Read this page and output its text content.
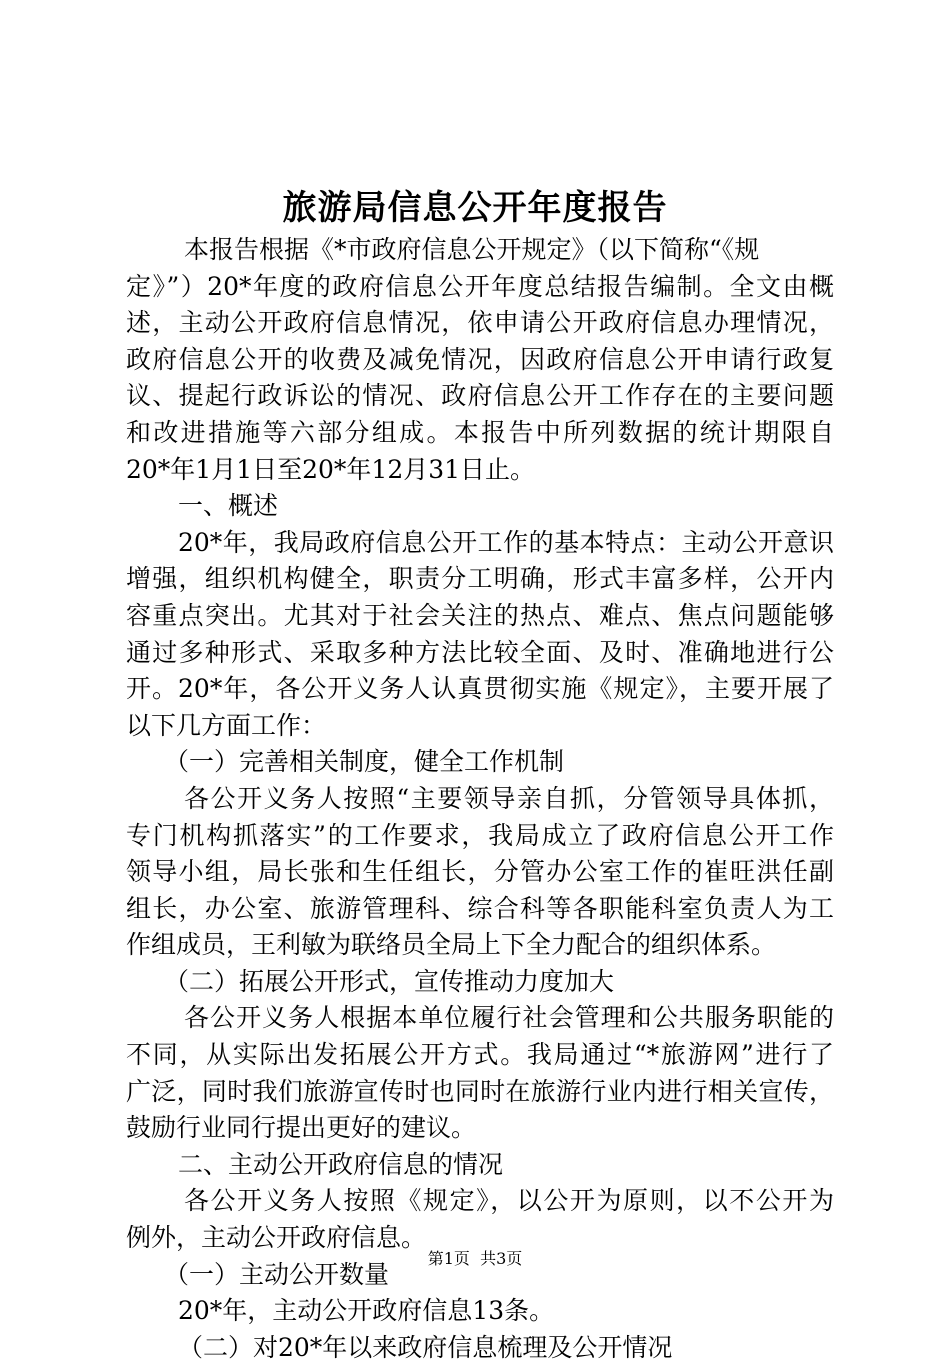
旅游局信息公开年度报告
本报告根据《*市政府信息公开规定》（以下简称“《规
定》”）20*年度的政府信息公开年度总结报告编制。全文由概
述，主动公开政府信息情况，依申请公开政府信息办理情况，
政府信息公开的收费及减免情况，因政府信息公开申请行政复
议、提起行政诉讼的情况、政府信息公开工作存在的主要问题
和改进措施等六部分组成。本报告中所列数据的统计期限自
20*年1月1日至20*年12月31日止。
一、概述
20*年，我局政府信息公开工作的基本特点：主动公开意识
增强，组织机构健全，职责分工明确，形式丰富多样，公开内
容重点突出。尤其对于社会关注的热点、难点、焦点问题能够
通过多种形式、采取多种方法比较全面、及时、准确地进行公
开。20*年，各公开义务人认真贯彻实施《规定》，主要开展了
以下几方面工作：
（一）完善相关制度，健全工作机制
各公开义务人按照“主要领导亲自抓，分管领导具体抓，
专门机构抓落实”的工作要求，我局成立了政府信息公开工作
领导小组，局长张和生任组长，分管办公室工作的崔旺洪任副
组长，办公室、旅游管理科、综合科等各职能科室负责人为工
作组成员，王利敏为联络员全局上下全力配合的组织体系。
（二）拓展公开形式，宣传推动力度加大
各公开义务人根据本单位履行社会管理和公共服务职能的
不同，从实际出发拓展公开方式。我局通过“*旅游网”进行了
广泛，同时我们旅游宣传时也同时在旅游行业内进行相关宣传，
鼓励行业同行提出更好的建议。
二、主动公开政府信息的情况
各公开义务人按照《规定》，以公开为原则，以不公开为
例外，主动公开政府信息。
（一）主动公开数量
20*年，主动公开政府信息13条。
（二）对20*年以来政府信息梳理及公开情况
第1页  共3页
